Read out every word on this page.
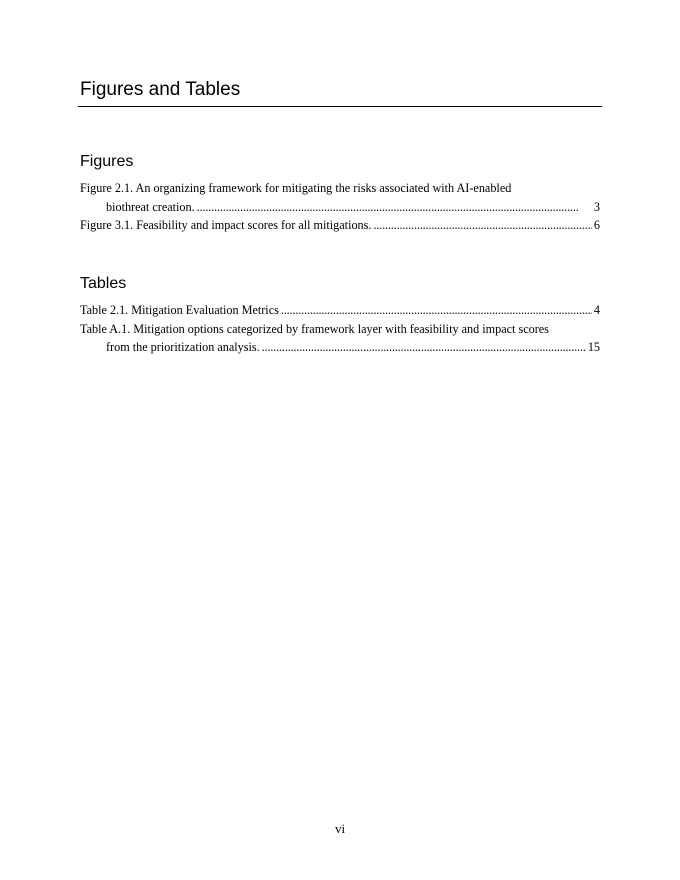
Figures and Tables
Figures
Figure 2.1. An organizing framework for mitigating the risks associated with AI-enabled
biothreat creation. . . .	3
Figure 3.1. Feasibility and impact scores for all mitigations. . . .	6
Tables
Table 2.1. Mitigation Evaluation Metrics . . .	4
Table A.1. Mitigation options categorized by framework layer with feasibility and impact scores
from the prioritization analysis. . . .	15
vi
